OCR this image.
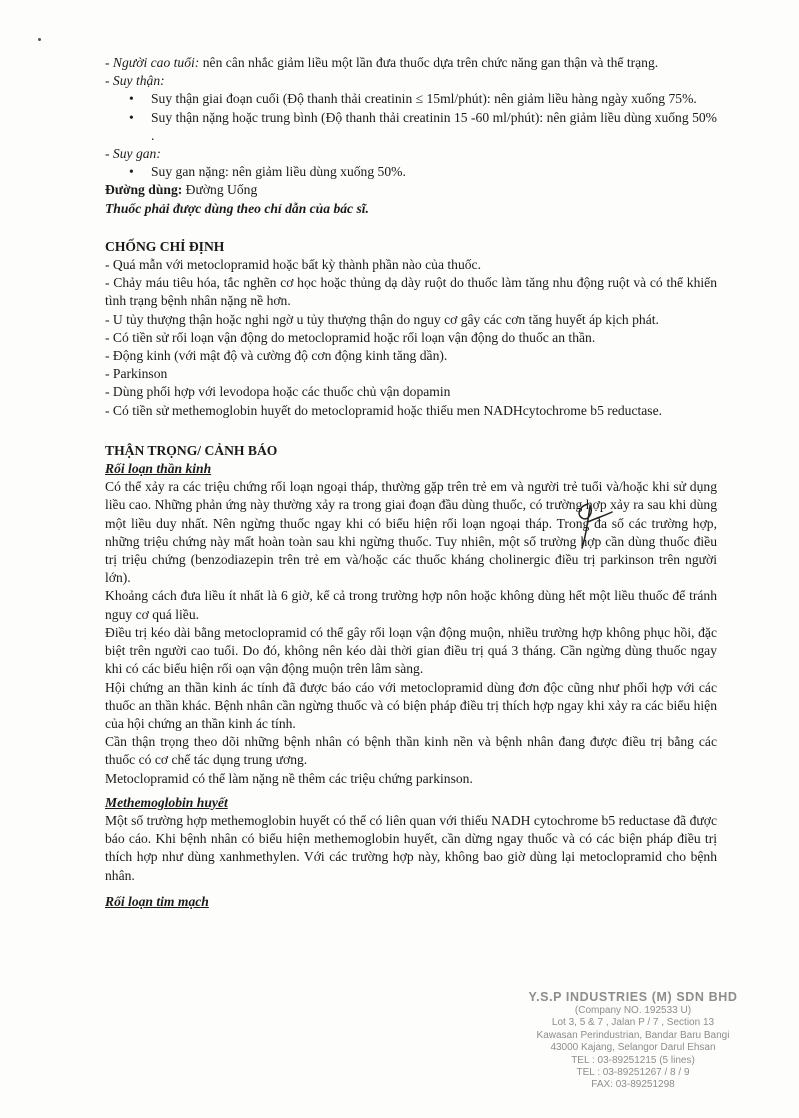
- Người cao tuổi: nên cân nhắc giảm liều một lần đưa thuốc dựa trên chức năng gan thận và thể trạng.

- Suy thận:

• Suy thận giai đoạn cuối (Độ thanh thải creatinin ≤ 15ml/phút): nên giảm liều hàng ngày xuống 75%.

• Suy thận nặng hoặc trung bình (Độ thanh thải creatinin 15 -60 ml/phút): nên giảm liều dùng xuống 50% .

- Suy gan:

• Suy gan nặng: nên giảm liều dùng xuống 50%.

Đường dùng: Đường Uống

Thuốc phải được dùng theo chỉ dẫn của bác sĩ.

CHỐNG CHỈ ĐỊNH

- Quá mẫn với metoclopramid hoặc bất kỳ thành phần nào của thuốc.

- Chảy máu tiêu hóa, tắc nghẽn cơ học hoặc thủng dạ dày ruột do thuốc làm tăng nhu động ruột và có thể khiến tình trạng bệnh nhân nặng nề hơn.

- U tủy thượng thận hoặc nghi ngờ u tủy thượng thận do nguy cơ gây các cơn tăng huyết áp kịch phát.

- Có tiền sử rối loạn vận động do metoclopramid hoặc rối loạn vận động do thuốc an thần.

- Động kinh (với mật độ và cường độ cơn động kinh tăng dần).

- Parkinson

- Dùng phối hợp với levodopa hoặc các thuốc chủ vận dopamin

- Có tiền sử methemoglobin huyết do metoclopramid hoặc thiếu men NADHcytochrome b5 reductase.

THẬN TRỌNG/ CẢNH BÁO

Rối loạn thần kinh

Có thể xảy ra các triệu chứng rối loạn ngoại tháp, thường gặp trên trẻ em và người trẻ tuổi và/hoặc khi sử dụng liều cao. Những phản ứng này thường xảy ra trong giai đoạn đầu dùng thuốc, có trường hợp xảy ra sau khi dùng một liều duy nhất. Nên ngừng thuốc ngay khi có biểu hiện rối loạn ngoại tháp. Trong đa số các trường hợp, những triệu chứng này mất hoàn toàn sau khi ngừng thuốc. Tuy nhiên, một số trường hợp cần dùng thuốc điều trị triệu chứng (benzodiazepin trên trẻ em và/hoặc các thuốc kháng cholinergic điều trị parkinson trên người lớn).

Khoảng cách đưa liều ít nhất là 6 giờ, kể cả trong trường hợp nôn hoặc không dùng hết một liều thuốc để tránh nguy cơ quá liều.

Điều trị kéo dài bằng metoclopramid có thể gây rối loạn vận động muộn, nhiều trường hợp không phục hồi, đặc biệt trên người cao tuổi. Do đó, không nên kéo dài thời gian điều trị quá 3 tháng. Cần ngừng dùng thuốc ngay khi có các biểu hiện rối oạn vận động muộn trên lâm sàng.

Hội chứng an thần kinh ác tính đã được báo cáo với metoclopramid dùng đơn độc cũng như phối hợp với các thuốc an thần khác. Bệnh nhân cần ngừng thuốc và có biện pháp điều trị thích hợp ngay khi xảy ra các biểu hiện của hội chứng an thần kinh ác tính.

Cần thận trọng theo dõi những bệnh nhân có bệnh thần kinh nền và bệnh nhân đang được điều trị bằng các thuốc có cơ chế tác dụng trung ương.

Metoclopramid có thể làm nặng nề thêm các triệu chứng parkinson.

Methemoglobin huyết

Một số trường hợp methemoglobin huyết có thể có liên quan với thiếu NADH cytochrome b5 reductase đã được báo cáo. Khi bệnh nhân có biểu hiện methemoglobin huyết, cần dừng ngay thuốc và có các biện pháp điều trị thích hợp như dùng xanhmethylen. Với các trường hợp này, không bao giờ dùng lại metoclopramid cho bệnh nhân.

Rối loạn tim mạch

Y.S.P INDUSTRIES (M) SDN BHD
(Company NO. 192533 U)
Lot 3, 5 & 7 , Jalan P / 7 , Section 13
Kawasan Perindustrian, Bandar Baru Bangi
43000 Kajang, Selangor Darul Ehsan
TEL : 03-89251215 (5 lines)
TEL : 03-89251267 / 8 / 9
FAX: 03-89251298
